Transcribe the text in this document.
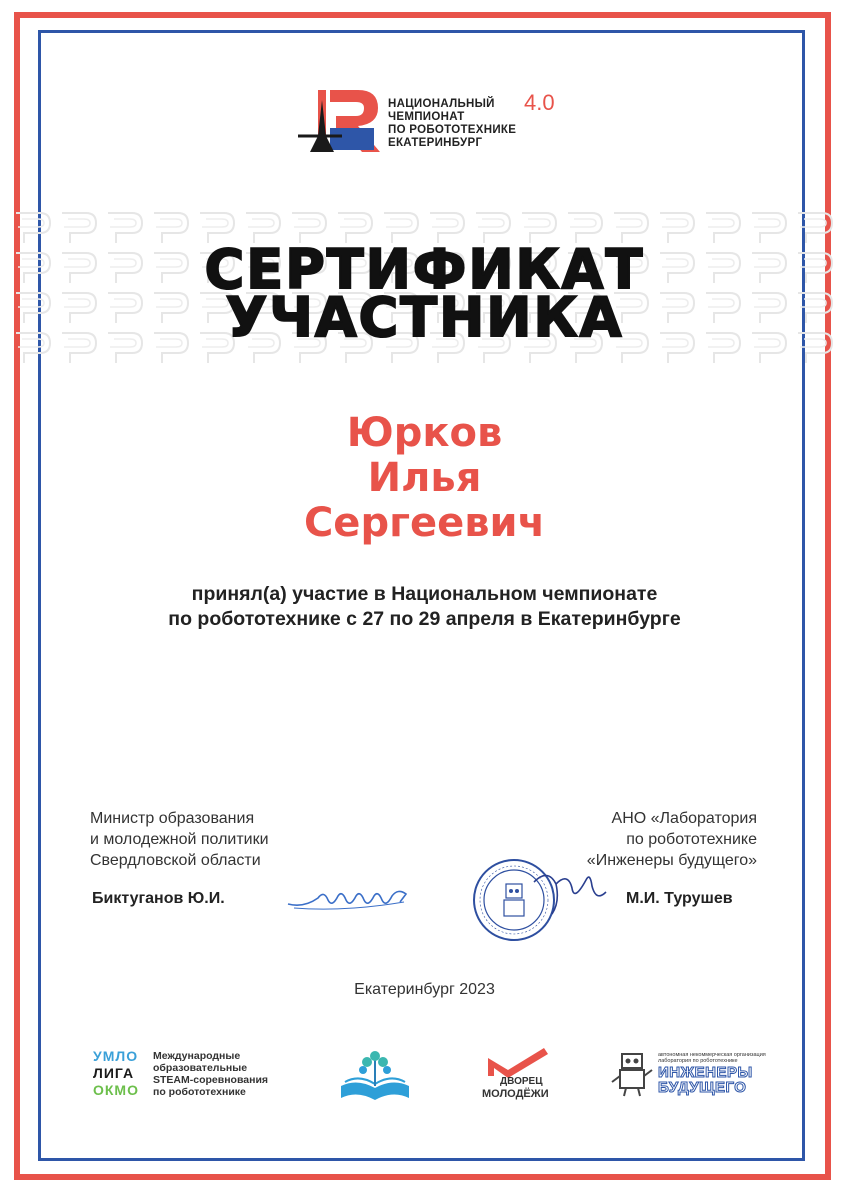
НАЦИОНАЛЬНЫЙ
ЧЕМПИОНАТ
ПО РОБОТОТЕХНИКЕ
ЕКАТЕРИНБУРГ
4.0
СЕРТИФИКАТ
УЧАСТНИКА
Юрков
Илья
Сергеевич
принял(а) участие в Национальном чемпионате
по робототехнике с 27 по 29 апреля в Екатеринбурге
Министр образования
и молодежной политики
Свердловской области
АНО «Лаборатория
по робототехнике
«Инженеры будущего»
Биктуганов Ю.И.	М.И. Турушев
Екатеринбург 2023
УМЛО
ЛИГА
ОКМО
Международные
образовательные
STEAM-соревнования
по робототехнике
ДВОРЕЦ
МОЛОДЁЖИ
автономная некоммерческая организация лаборатория по робототехнике
ИНЖЕНЕРЫ
БУДУЩЕГО
